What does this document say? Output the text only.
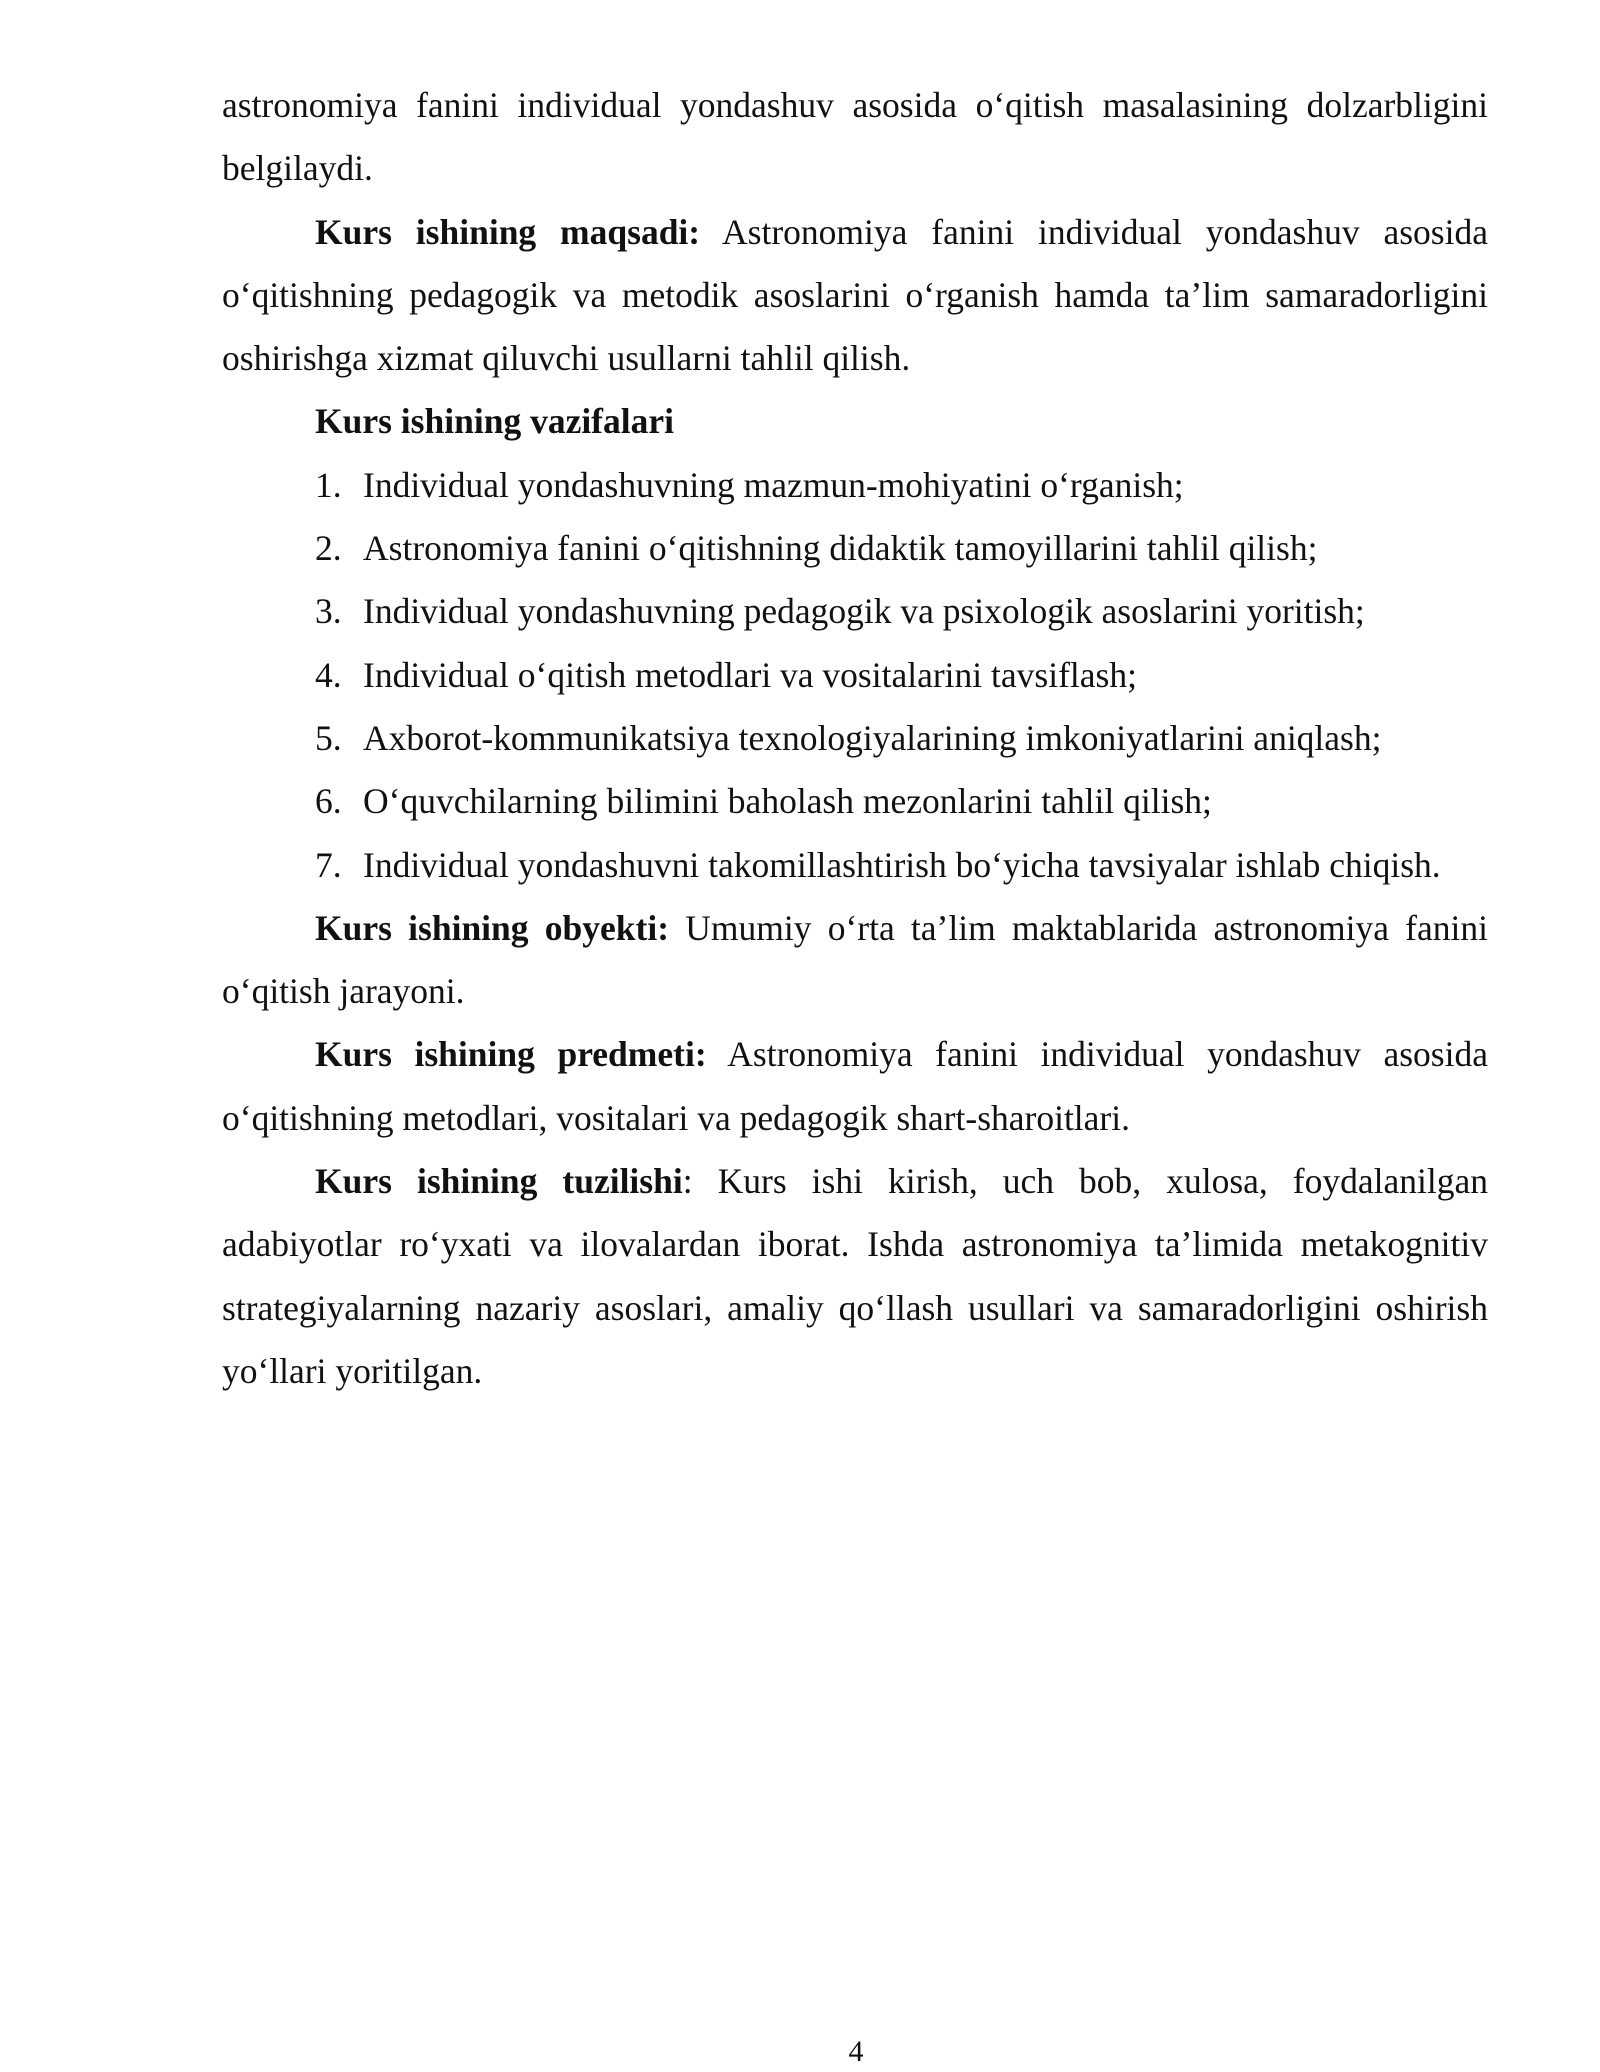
astronomiya fanini individual yondashuv asosida oʻqitish masalasining dolzarbligini belgilaydi.

Kurs ishining maqsadi: Astronomiya fanini individual yondashuv asosida oʻqitishning pedagogik va metodik asoslarini oʻrganish hamda taʼlim samaradorligini oshirishga xizmat qiluvchi usullarni tahlil qilish.

Kurs ishining vazifalari

1. Individual yondashuvning mazmun-mohiyatini oʻrganish;
2. Astronomiya fanini oʻqitishning didaktik tamoyillarini tahlil qilish;
3. Individual yondashuvning pedagogik va psixologik asoslarini yoritish;
4. Individual oʻqitish metodlari va vositalarini tavsiflash;
5. Axborot-kommunikatsiya texnologiyalarining imkoniyatlarini aniqlash;
6. Oʻquvchilarning bilimini baholash mezonlarini tahlil qilish;
7. Individual yondashuvni takomillashtirish boʻyicha tavsiyalar ishlab chiqish.

Kurs ishining obyekti: Umumiy oʻrta taʼlim maktablarida astronomiya fanini oʻqitish jarayoni.

Kurs ishining predmeti: Astronomiya fanini individual yondashuv asosida oʻqitishning metodlari, vositalari va pedagogik shart-sharoitlari.

Kurs ishining tuzilishi: Kurs ishi kirish, uch bob, xulosa, foydalanilgan adabiyotlar roʻyxati va ilovalardan iborat. Ishda astronomiya taʼlimida metakognitiv strategiyalarning nazariy asoslari, amaliy qoʻllash usullari va samaradorligini oshirish yoʻllari yoritilgan.

4
